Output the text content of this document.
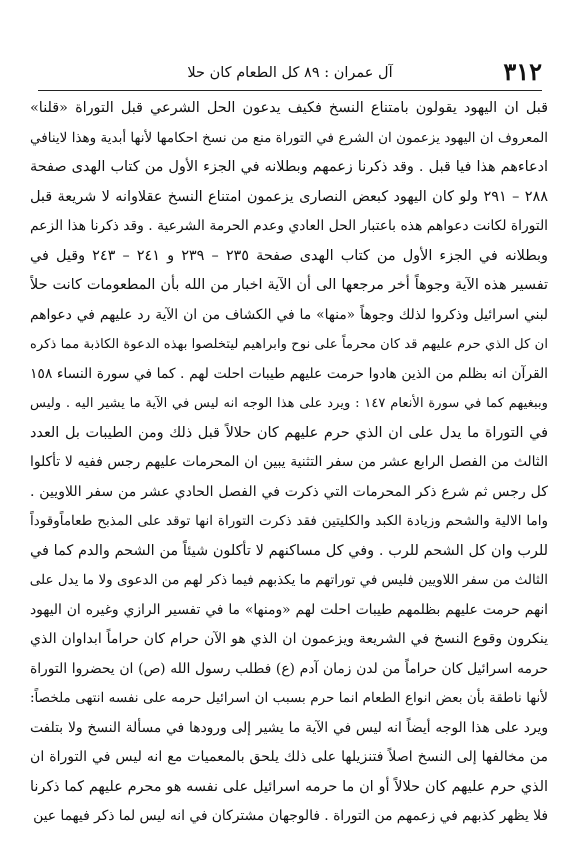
٣١٢
آل عمران : ٨٩ كل الطعام كان حلا
قبل ان اليهود يقولون بامتناع النسخ فكيف يدعون الحل الشرعي قبل التوراة «قلنا»
المعروف ان اليهود يزعمون ان الشرع في التوراة منع من نسخ احكامها لأنها أبدية وهذا لاينافي
ادعاءهم هذا فيا قبل . وقد ذكرنا زعمهم وبطلانه في الجزء الأول من كتاب الهدى صفحة
٢٨٨ – ٢٩١ ولو كان اليهود كبعض النصارى يزعمون امتناع النسخ عقلاوانه لا شريعة قبل
التوراة لكانت دعواهم هذه باعتبار الحل العادي وعدم الحرمة الشرعية . وقد ذكرنا هذا الزعم
وبطلانه في الجزء الأول من كتاب الهدى صفحة ٢٣٥ – ٢٣٩ و ٢٤١ – ٢٤٣ وقيل في
تفسير هذه الآية وجوهاً أخر مرجعها الى أن الآية اخبار من الله بأن المطعومات كانت حلاً
لبني اسرائيل وذكروا لذلك وجوهاً «منها» ما في الكشاف من ان الآية رد عليهم في دعواهم
ان كل الذي حرم عليهم قد كان محرماً على نوح وابراهيم ليتخلصوا بهذه الدعوة الكاذبة مما ذكره
القرآن انه بظلم من الذين هادوا حرمت عليهم طيبات احلت لهم . كما في سورة النساء ١٥٨
وببغيهم كما في سورة الأنعام ١٤٧ : ويرد على هذا الوجه انه ليس في الآية ما يشير اليه . وليس
في التوراة ما يدل على ان الذي حرم عليهم كان حلالاً قبل ذلك ومن الطيبات بل العدد
الثالث من الفصل الرابع عشر من سفر التثنية يبين ان المحرمات عليهم رجس ففيه لا تأكلوا
كل رجس ثم شرع ذكر المحرمات التي ذكرت في الفصل الحادي عشر من سفر اللاويين .
واما الالية والشحم وزيادة الكبد والكليتين فقد ذكرت التوراة انها توقد على المذبح طعاماًوقوداً
للرب وان كل الشحم للرب . وفي كل مساكنهم لا تأكلون شيئاً من الشحم والدم كما في
الثالث من سفر اللاويين فليس في توراتهم ما يكذبهم فيما ذكر لهم من الدعوى ولا ما يدل على
انهم حرمت عليهم بظلمهم طيبات احلت لهم «ومنها» ما في تفسير الرازي وغيره ان اليهود
ينكرون وقوع النسخ في الشريعة ويزعمون ان الذي هو الآن حرام كان حراماً ابداوان الذي
حرمه اسرائيل كان حراماً من لدن زمان آدم (ع) فطلب رسول الله (ص) ان يحضروا التوراة
لأنها ناطقة بأن بعض انواع الطعام انما حرم بسبب ان اسرائيل حرمه على نفسه انتهى ملخصاً:
ويرد على هذا الوجه أيضاً انه ليس في الآية ما يشير إلى ورودها في مسألة النسخ ولا بتلفت
من مخالفها إلى النسخ اصلاً فتنزيلها على ذلك يلحق بالمعميات مع انه ليس في التوراة ان
الذي حرم عليهم كان حلالاً أو ان ما حرمه اسرائيل على نفسه هو محرم عليهم كما ذكرنا
فلا يظهر كذبهم في زعمهم من التوراة . فالوجهان مشتركان في انه ليس لما ذكر فيهما عين
